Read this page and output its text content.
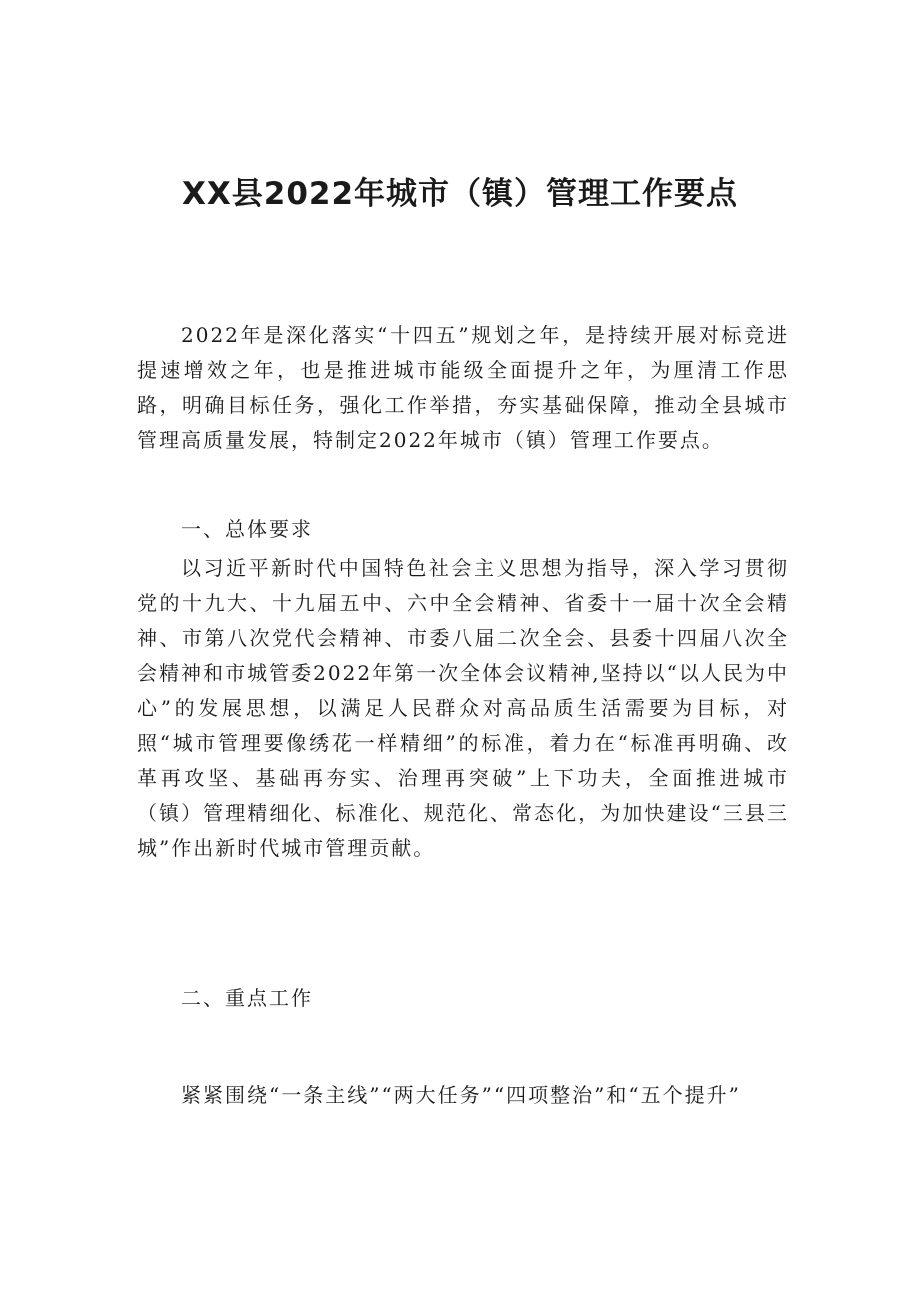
XX县2022年城市（镇）管理工作要点

2022年是深化落实“十四五”规划之年，是持续开展对标竞进提速增效之年，也是推进城市能级全面提升之年，为厘清工作思路，明确目标任务，强化工作举措，夯实基础保障，推动全县城市管理高质量发展，特制定2022年城市（镇）管理工作要点。

一、总体要求

以习近平新时代中国特色社会主义思想为指导，深入学习贯彻党的十九大、十九届五中、六中全会精神、省委十一届十次全会精神、市第八次党代会精神、市委八届二次全会、县委十四届八次全会精神和市城管委2022年第一次全体会议精神,坚持以“以人民为中心”的发展思想，以满足人民群众对高品质生活需要为目标，对照“城市管理要像绣花一样精细”的标准，着力在“标准再明确、改革再攻坚、基础再夯实、治理再突破”上下功夫，全面推进城市（镇）管理精细化、标准化、规范化、常态化，为加快建设“三县三城”作出新时代城市管理贡献。

二、重点工作

紧紧围绕“一条主线”“两大任务”“四项整治”和“五个提升”
